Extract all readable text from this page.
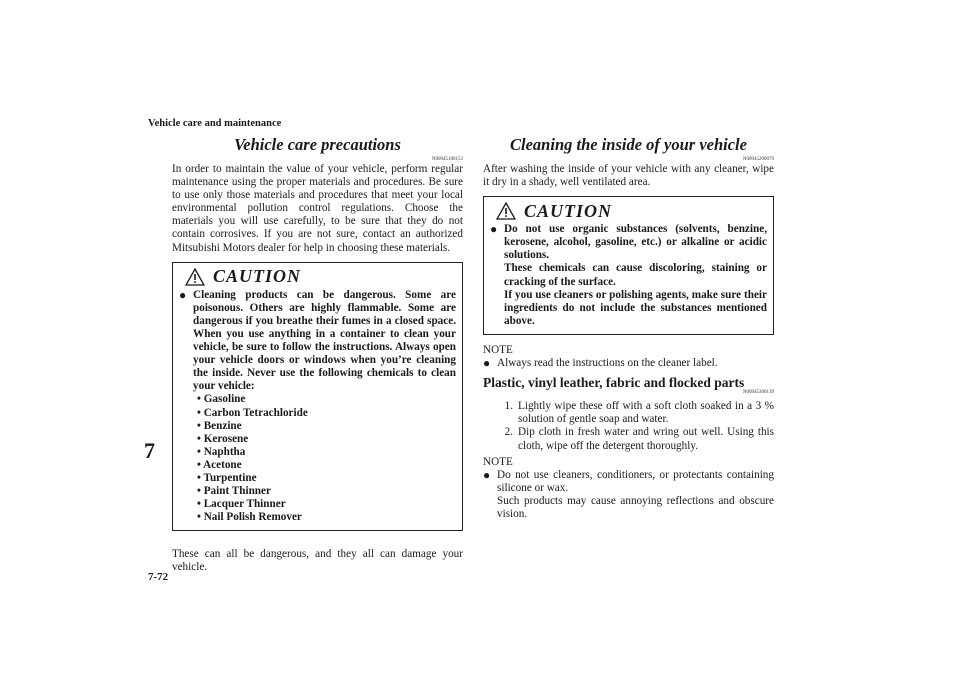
Vehicle care and maintenance
7
7-72
Vehicle care precautions
N00945100153

In order to maintain the value of your vehicle, perform regular maintenance using the proper materials and procedures. Be sure to use only those materials and procedures that meet your local environmental pollution control regulations. Choose the materials you will use carefully, to be sure that they do not contain corrosives. If you are not sure, contact an authorized Mitsubishi Motors dealer for help in choosing these materials.

CAUTION
● Cleaning products can be dangerous. Some are poisonous. Others are highly flammable. Some are dangerous if you breathe their fumes in a closed space. When you use anything in a container to clean your vehicle, be sure to follow the instructions. Always open your vehicle doors or windows when you’re cleaning the inside. Never use the following chemicals to clean your vehicle:
• Gasoline
• Carbon Tetrachloride
• Benzine
• Kerosene
• Naphtha
• Acetone
• Turpentine
• Paint Thinner
• Lacquer Thinner
• Nail Polish Remover

These can all be dangerous, and they all can damage your vehicle.

Cleaning the inside of your vehicle
N00945200079

After washing the inside of your vehicle with any cleaner, wipe it dry in a shady, well ventilated area.

CAUTION
● Do not use organic substances (solvents, benzine, kerosene, alcohol, gasoline, etc.) or alkaline or acidic solutions.

These chemicals can cause discoloring, staining or cracking of the surface.

If you use cleaners or polishing agents, make sure their ingredients do not include the substances mentioned above.

NOTE
● Always read the instructions on the cleaner label.
Plastic, vinyl leather, fabric and flocked parts
N00945300139
1. Lightly wipe these off with a soft cloth soaked in a 3 % solution of gentle soap and water.
2. Dip cloth in fresh water and wring out well. Using this cloth, wipe off the detergent thoroughly.
NOTE
● Do not use cleaners, conditioners, or protectants containing silicone or wax.

Such products may cause annoying reflections and obscure vision.
